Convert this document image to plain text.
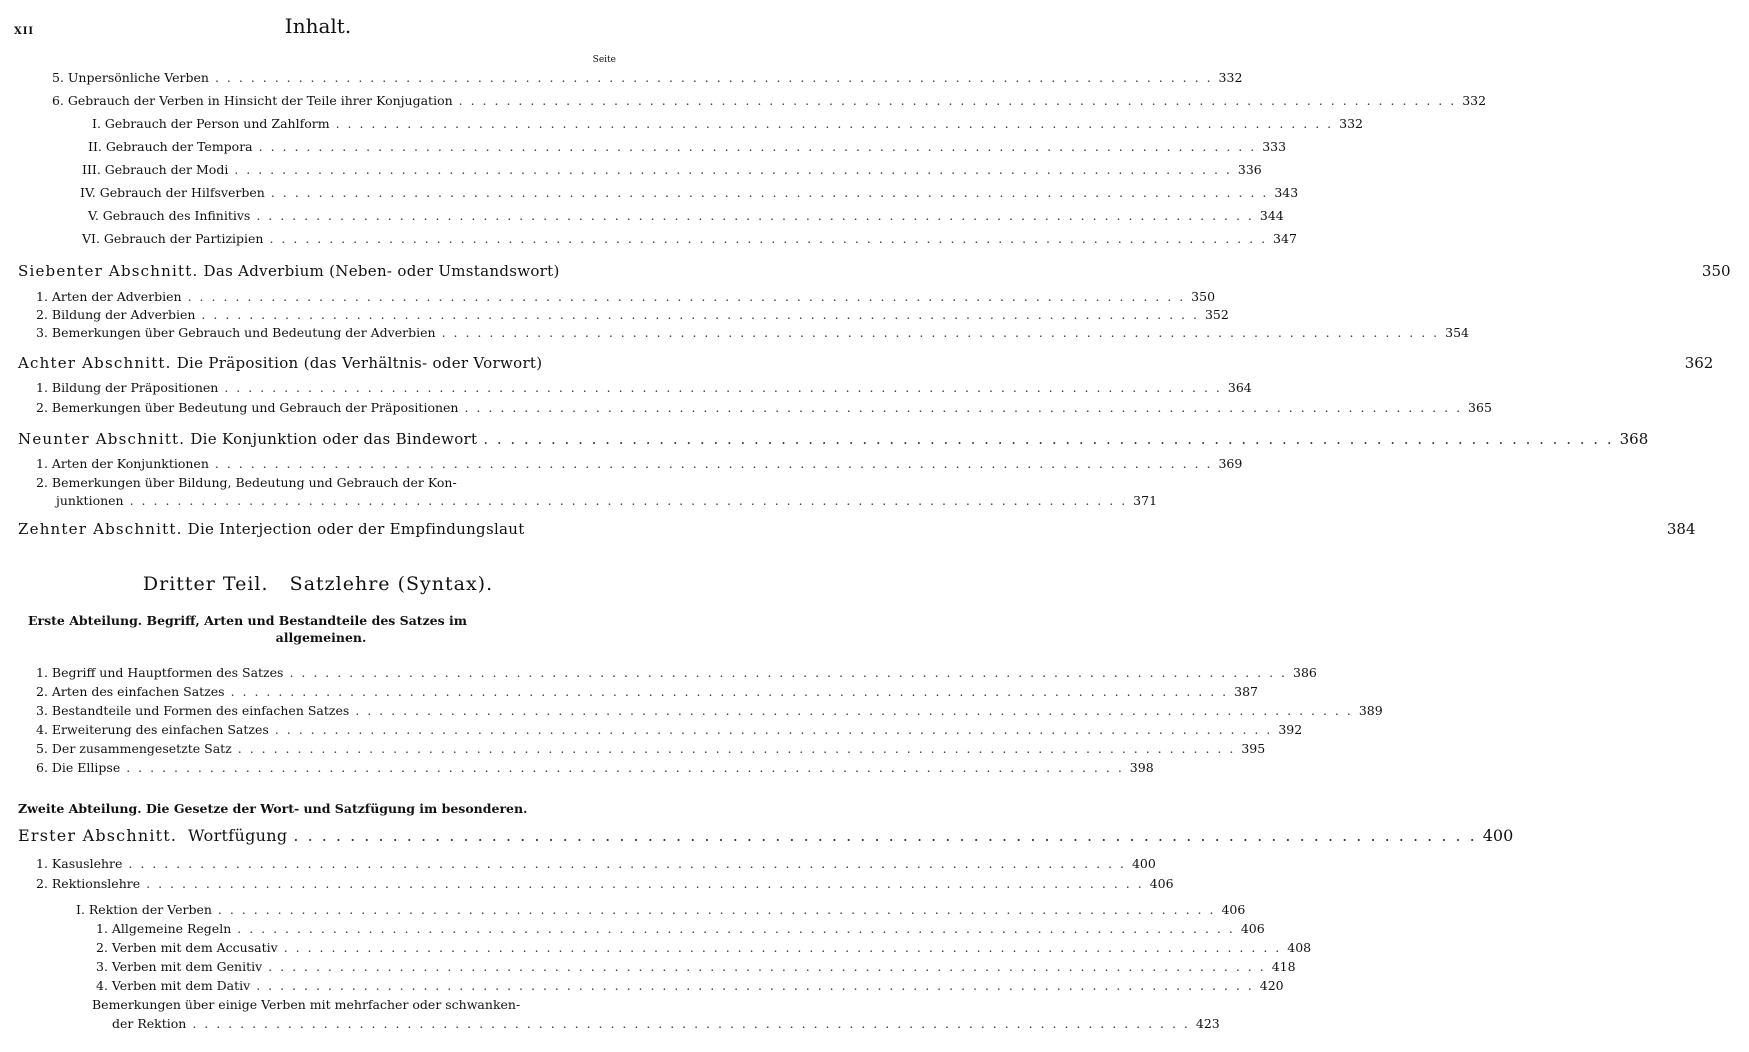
XII	Inhalt.
Seite
5. Unpersönliche Verben . . .	332
6. Gebrauch der Verben in Hinsicht der Teile ihrer Konjugation . . .	332
I. Gebrauch der Person und Zahlform . . .	332
II. Gebrauch der Tempora . . .	333
III. Gebrauch der Modi . . .	336
IV. Gebrauch der Hilfsverben . . .	343
V. Gebrauch des Infinitivs . . .	344
VI. Gebrauch der Partizipien . . .	347
Siebenter Abschnitt. Das Adverbium (Neben- oder Umstandswort)	350
1. Arten der Adverbien . . .	350
2. Bildung der Adverbien . . .	352
3. Bemerkungen über Gebrauch und Bedeutung der Adverbien . . .	354
Achter Abschnitt. Die Präposition (das Verhältnis- oder Vorwort)	362
1. Bildung der Präpositionen . . .	364
2. Bemerkungen über Bedeutung und Gebrauch der Präpositionen . . .	365
Neunter Abschnitt. Die Konjunktion oder das Bindewort . . .	368
1. Arten der Konjunktionen . . .	369
2. Bemerkungen über Bildung, Bedeutung und Gebrauch der Kon-
junktionen . . .	371
Zehnter Abschnitt. Die Interjection oder der Empfindungslaut	384
Dritter Teil. Satzlehre (Syntax).
Erste Abteilung. Begriff, Arten und Bestandteile des Satzes im
allgemeinen.
1. Begriff und Hauptformen des Satzes . . .	386
2. Arten des einfachen Satzes . . .	387
3. Bestandteile und Formen des einfachen Satzes . . .	389
4. Erweiterung des einfachen Satzes . . .	392
5. Der zusammengesetzte Satz . . .	395
6. Die Ellipse . . .	398
Zweite Abteilung. Die Gesetze der Wort- und Satzfügung im besonderen.
Erster Abschnitt. Wortfügung . . .	400
1. Kasuslehre . . .	400
2. Rektionslehre . . .	406
I. Rektion der Verben . . .	406
1. Allgemeine Regeln . . .	406
2. Verben mit dem Accusativ . . .	408
3. Verben mit dem Genitiv . . .	418
4. Verben mit dem Dativ . . .	420
Bemerkungen über einige Verben mit mehrfacher oder schwanken-
der Rektion . . .	423
